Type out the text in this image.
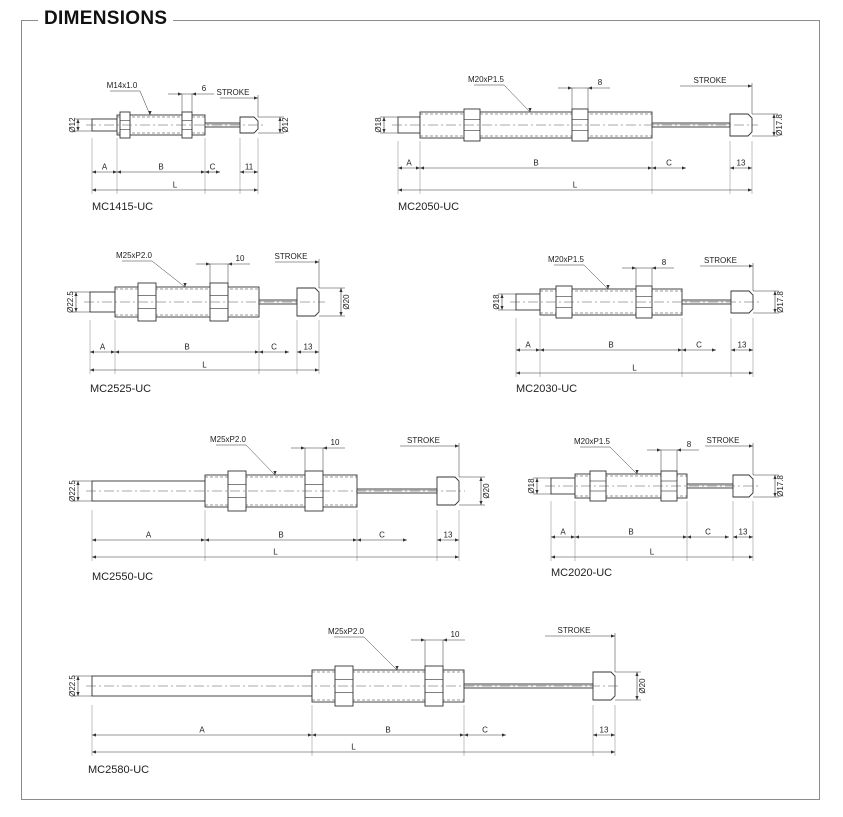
DIMENSIONS
Ø12	Ø12
M14x1.0	6 STROKE
A	B	C	11
L
MC1415-UC
Ø18	Ø17.8
M20xP1.5	8	STROKE
A	B	C	13
L
MC2050-UC
Ø22.5	Ø20
M25xP2.0	10	STROKE
A	B	C	13
L
MC2525-UC
Ø18	Ø17.8
M20xP1.5	8	STROKE
A	B	C	13
L
MC2030-UC
Ø22.5	Ø20
M25xP2.0	10	STROKE
A	B	C	13
L
MC2550-UC
Ø18	Ø17.8
M20xP1.5	8 STROKE
A	B	C	13
L
MC2020-UC
Ø22.5	Ø20
M25xP2.0	10	STROKE
A	B	C	13
L
MC2580-UC
